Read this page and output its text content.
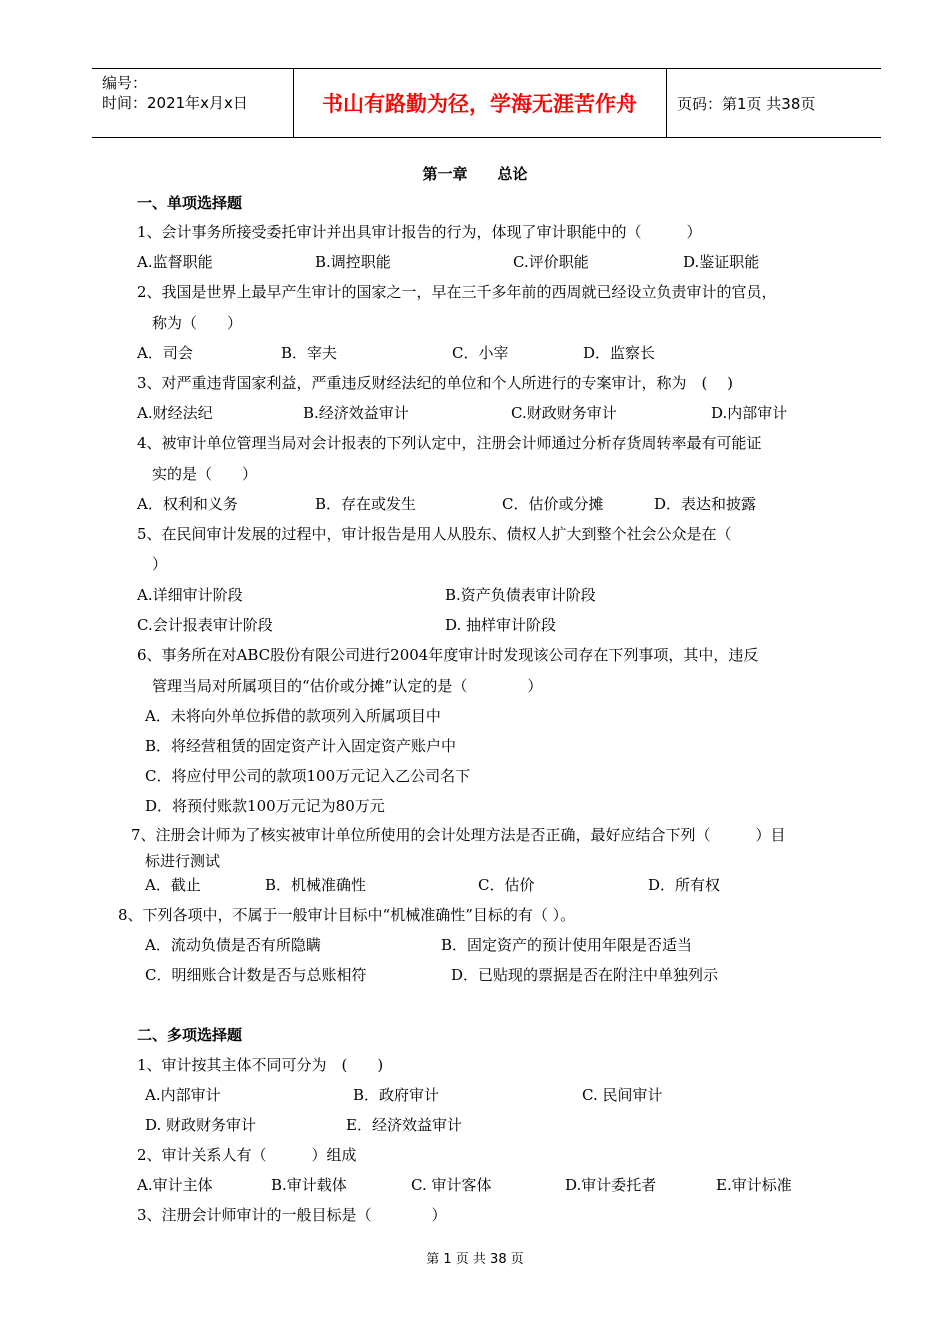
编号：
时间：2021年x月x日	书山有路勤为径，学海无涯苦作舟	页码：第1页 共38页
第一章　　总论
一、单项选择题
1、会计事务所接受委托审计并出具审计报告的行为，体现了审计职能中的（　　　）
A.监督职能	B.调控职能	C.评价职能	D.鉴证职能
2、我国是世界上最早产生审计的国家之一，早在三千多年前的西周就已经设立负责审计的官员，
称为（　　）
A．司会	B．宰夫	C．小宰	D．监察长
3、对严重违背国家利益，严重违反财经法纪的单位和个人所进行的专案审计，称为　(　 )
A.财经法纪	B.经济效益审计	C.财政财务审计	D.内部审计
4、被审计单位管理当局对会计报表的下列认定中，注册会计师通过分析存货周转率最有可能证
实的是（　　）
A．权利和义务	B．存在或发生	C．估价或分摊	D．表达和披露
5、在民间审计发展的过程中，审计报告是用人从股东、债权人扩大到整个社会公众是在（
）
A.详细审计阶段	B.资产负债表审计阶段
C.会计报表审计阶段	D. 抽样审计阶段
6、事务所在对ABC股份有限公司进行2004年度审计时发现该公司存在下列事项，其中，违反
管理当局对所属项目的“估价或分摊”认定的是（　　　　）
A．未将向外单位拆借的款项列入所属项目中
B．将经营租赁的固定资产计入固定资产账户中
C．将应付甲公司的款项100万元记入乙公司名下
D．将预付账款100万元记为80万元
7、注册会计师为了核实被审计单位所使用的会计处理方法是否正确，最好应结合下列（　　　）目
标进行测试
A．截止	B．机械准确性	C．估价	D．所有权
8、下列各项中，不属于一般审计目标中“机械准确性”目标的有（ ）。
A．流动负债是否有所隐瞒	B．固定资产的预计使用年限是否适当
C．明细账合计数是否与总账相符	D．已贴现的票据是否在附注中单独列示
二、多项选择题
1、审计按其主体不同可分为　(　　)
A.内部审计	B．政府审计	C. 民间审计
D. 财政财务审计	E．经济效益审计
2、审计关系人有（　　　）组成
A.审计主体	B.审计载体	C. 审计客体	D.审计委托者	E.审计标准
3、注册会计师审计的一般目标是（　　　　）
第 1 页 共 38 页
